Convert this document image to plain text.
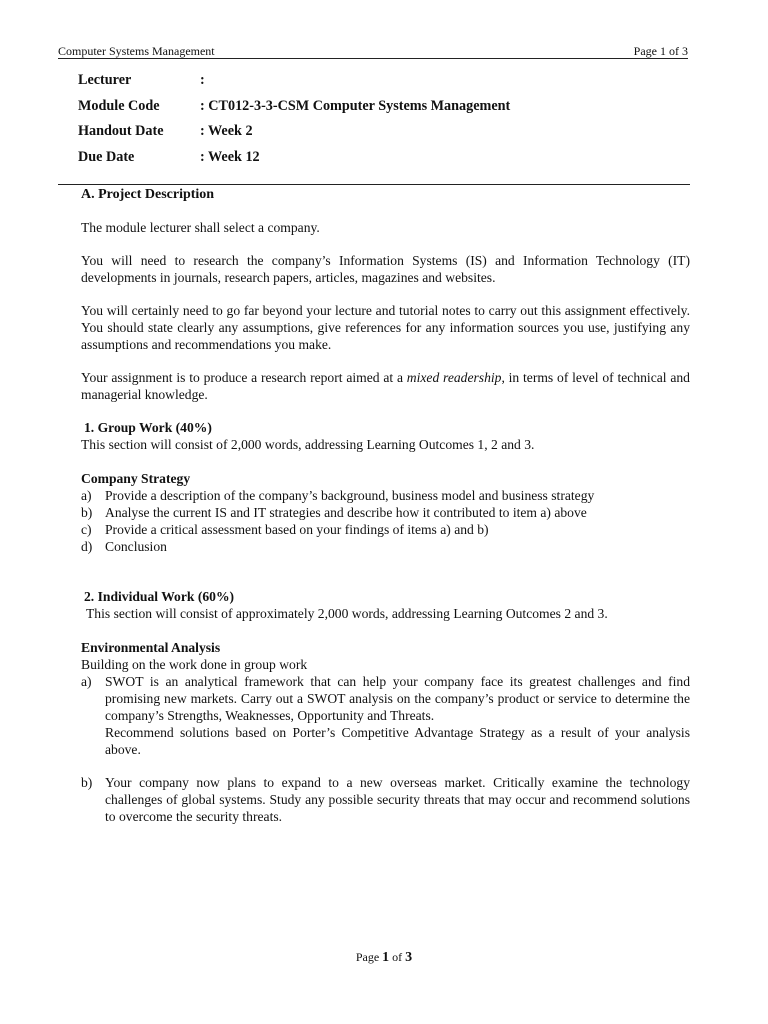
Computer Systems Management	Page 1 of 3
Lecturer	:
Module Code	: CT012-3-3-CSM Computer Systems Management
Handout Date	: Week 2
Due Date	: Week 12

A. Project Description

The module lecturer shall select a company.

You will need to research the company’s Information Systems (IS) and Information Technology (IT) developments in journals, research papers, articles, magazines and websites.

You will certainly need to go far beyond your lecture and tutorial notes to carry out this assignment effectively. You should state clearly any assumptions, give references for any information sources you use, justifying any assumptions and recommendations you make.

Your assignment is to produce a research report aimed at a mixed readership, in terms of level of technical and managerial knowledge.

1. Group Work (40%)

This section will consist of 2,000 words, addressing Learning Outcomes 1, 2 and 3.

Company Strategy

a) Provide a description of the company’s background, business model and business strategy
b) Analyse the current IS and IT strategies and describe how it contributed to item a) above
c) Provide a critical assessment based on your findings of items a) and b)
d) Conclusion

2. Individual Work (60%)

This section will consist of approximately 2,000 words, addressing Learning Outcomes 2 and 3.

Environmental Analysis

Building on the work done in group work

a) SWOT is an analytical framework that can help your company face its greatest challenges and find promising new markets. Carry out a SWOT analysis on the company’s product or service to determine the company’s Strengths, Weaknesses, Opportunity and Threats.
Recommend solutions based on Porter’s Competitive Advantage Strategy as a result of your analysis above.
b) Your company now plans to expand to a new overseas market. Critically examine the technology challenges of global systems. Study any possible security threats that may occur and recommend solutions to overcome the security threats.
Page 1 of 3
